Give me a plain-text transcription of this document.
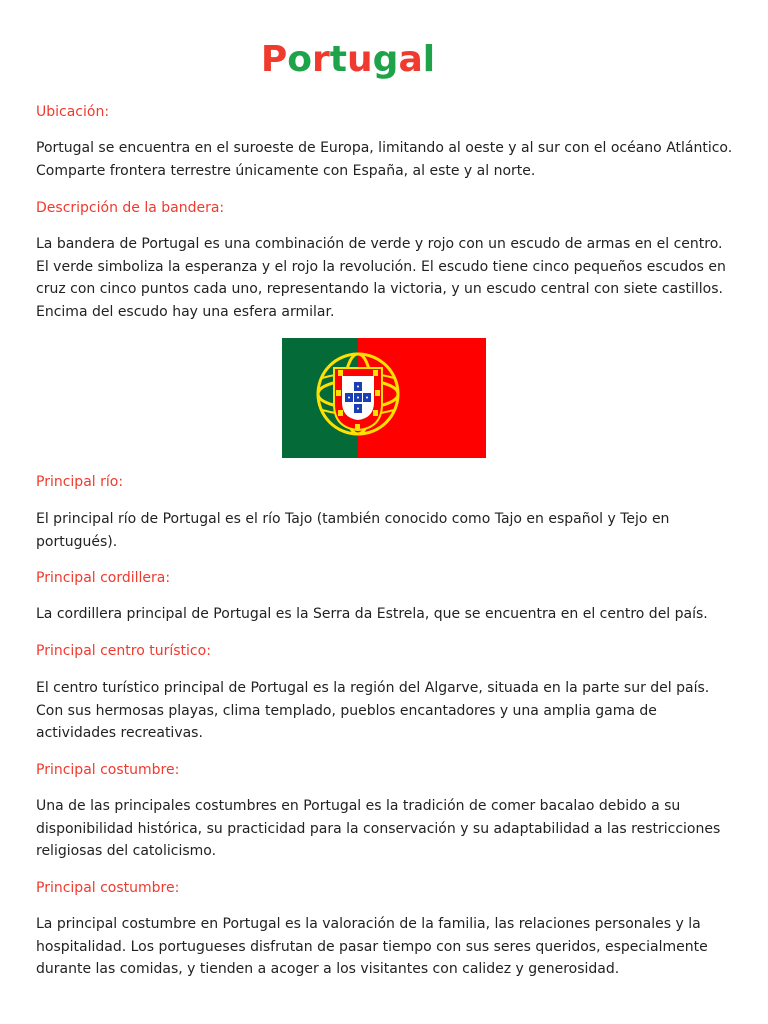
Portugal
Ubicación:

Portugal se encuentra en el suroeste de Europa, limitando al oeste y al sur con el océano Atlántico. Comparte frontera terrestre únicamente con España, al este y al norte.

Descripción de la bandera:

La bandera de Portugal es una combinación de verde y rojo con un escudo de armas en el centro. El verde simboliza la esperanza y el rojo la revolución. El escudo tiene cinco pequeños escudos en cruz con cinco puntos cada uno, representando la victoria, y un escudo central con siete castillos. Encima del escudo hay una esfera armilar.

Principal río:

El principal río de Portugal es el río Tajo (también conocido como Tajo en español y Tejo en portugués).

Principal cordillera:

La cordillera principal de Portugal es la Serra da Estrela, que se encuentra en el centro del país.

Principal centro turístico:

El centro turístico principal de Portugal es la región del Algarve, situada en la parte sur del país. Con sus hermosas playas, clima templado, pueblos encantadores y una amplia gama de actividades recreativas.

Principal costumbre:

Una de las principales costumbres en Portugal es la tradición de comer bacalao debido a su disponibilidad histórica, su practicidad para la conservación y su adaptabilidad a las restricciones religiosas del catolicismo.

Principal costumbre:

La principal costumbre en Portugal es la valoración de la familia, las relaciones personales y la hospitalidad. Los portugueses disfrutan de pasar tiempo con sus seres queridos, especialmente durante las comidas, y tienden a acoger a los visitantes con calidez y generosidad.
